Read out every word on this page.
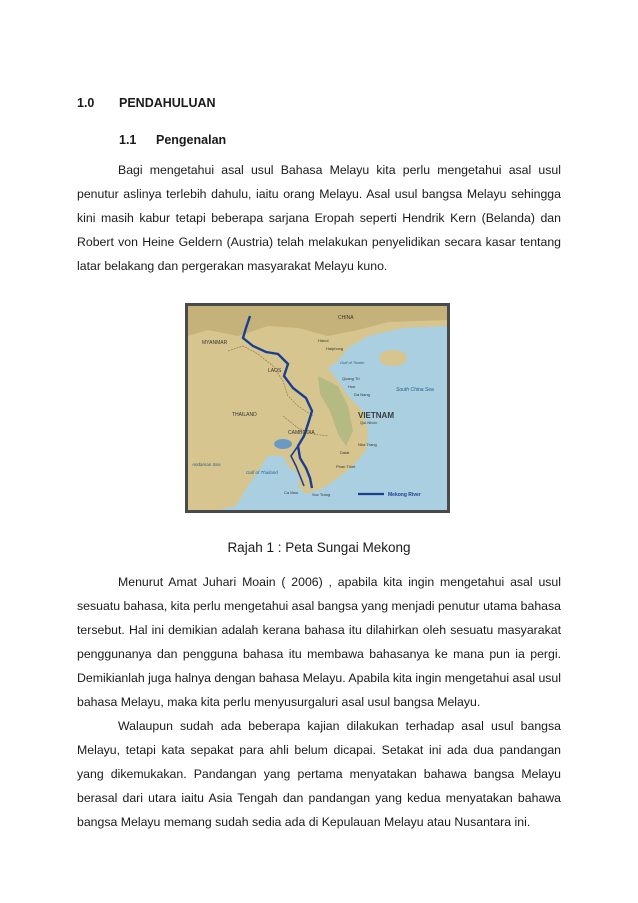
1.0 PENDAHULUAN
1.1 Pengenalan

Bagi mengetahui asal usul Bahasa Melayu kita perlu mengetahui asal usul penutur aslinya terlebih dahulu, iaitu orang Melayu. Asal usul bangsa Melayu sehingga kini masih kabur tetapi beberapa sarjana Eropah seperti Hendrik Kern (Belanda) dan Robert von Heine Geldern (Austria) telah melakukan penyelidikan secara kasar tentang latar belakang dan pergerakan masyarakat Melayu kuno.

CHINA
MYANMAR
LAOS
THAILAND
CAMBODIA
VIETNAM
South China Sea
Andaman Sea
Gulf of Thailand
Hanoi
Haiphong
Gulf of Tonkin
Quang Tri
Hue
Da Nang
Qui Nhon
Nha Trang
Dalat
Phan Thiet
Ca Mau	Soc Trang	Mekong River
Rajah 1 : Peta Sungai Mekong

Menurut Amat Juhari Moain ( 2006) , apabila kita ingin mengetahui asal usul sesuatu bahasa, kita perlu mengetahui asal bangsa yang menjadi penutur utama bahasa tersebut. Hal ini demikian adalah kerana bahasa itu dilahirkan oleh sesuatu masyarakat penggunanya dan pengguna bahasa itu membawa bahasanya ke mana pun ia pergi. Demikianlah juga halnya dengan bahasa Melayu. Apabila kita ingin mengetahui asal usul bahasa Melayu, maka kita perlu menyusurgaluri asal usul bangsa Melayu.

Walaupun sudah ada beberapa kajian dilakukan terhadap asal usul bangsa Melayu, tetapi kata sepakat para ahli belum dicapai. Setakat ini ada dua pandangan yang dikemukakan. Pandangan yang pertama menyatakan bahawa bangsa Melayu berasal dari utara iaitu Asia Tengah dan pandangan yang kedua menyatakan bahawa bangsa Melayu memang sudah sedia ada di Kepulauan Melayu atau Nusantara ini.
